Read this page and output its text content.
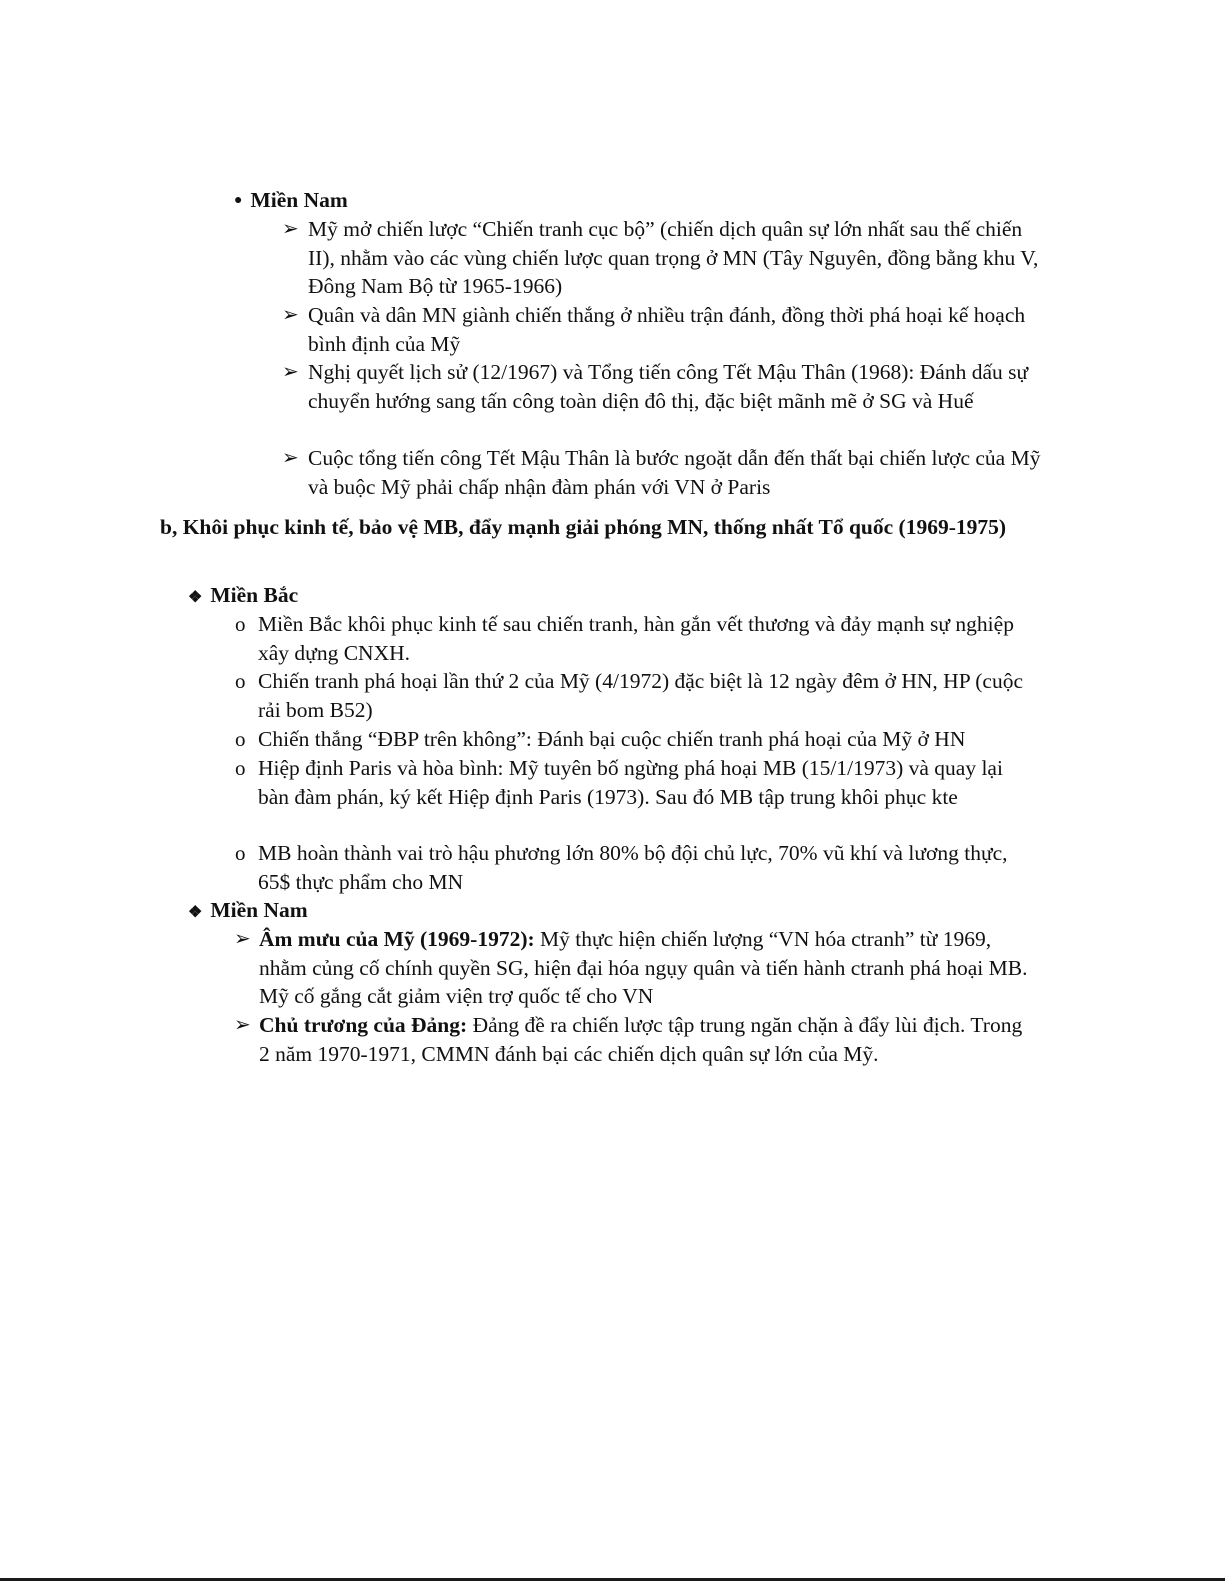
● Miền Nam
➢ Mỹ mở chiến lược “Chiến tranh cục bộ” (chiến dịch quân sự lớn nhất sau thế chiến II), nhằm vào các vùng chiến lược quan trọng ở MN (Tây Nguyên, đồng bằng khu V, Đông Nam Bộ từ 1965-1966)
➢ Quân và dân MN giành chiến thắng ở nhiều trận đánh, đồng thời phá hoại kế hoạch bình định của Mỹ
➢ Nghị quyết lịch sử (12/1967) và Tổng tiến công Tết Mậu Thân (1968): Đánh dấu sự chuyển hướng sang tấn công toàn diện đô thị, đặc biệt mãnh mẽ ở SG và Huế
➢ Cuộc tổng tiến công Tết Mậu Thân là bước ngoặt dẫn đến thất bại chiến lược của Mỹ và buộc Mỹ phải chấp nhận đàm phán với VN ở Paris
b, Khôi phục kinh tế, bảo vệ MB, đẩy mạnh giải phóng MN, thống nhất Tổ quốc (1969-1975)
❖ Miền Bắc
o Miền Bắc khôi phục kinh tế sau chiến tranh, hàn gắn vết thương và đảy mạnh sự nghiệp xây dựng CNXH.
o Chiến tranh phá hoại lần thứ 2 của Mỹ (4/1972) đặc biệt là 12 ngày đêm ở HN, HP (cuộc rải bom B52)
o Chiến thắng “ĐBP trên không”: Đánh bại cuộc chiến tranh phá hoại của Mỹ ở HN
o Hiệp định Paris và hòa bình: Mỹ tuyên bố ngừng phá hoại MB (15/1/1973) và quay lại bàn đàm phán, ký kết Hiệp định Paris (1973). Sau đó MB tập trung khôi phục kte
o MB hoàn thành vai trò hậu phương lớn 80% bộ đội chủ lực, 70% vũ khí và lương thực, 65$ thực phẩm cho MN
❖ Miền Nam
➢ Âm mưu của Mỹ (1969-1972): Mỹ thực hiện chiến lượng “VN hóa ctranh” từ 1969, nhằm củng cố chính quyền SG, hiện đại hóa ngụy quân và tiến hành ctranh phá hoại MB. Mỹ cố gắng cắt giảm viện trợ quốc tế cho VN
➢ Chủ trương của Đảng: Đảng đề ra chiến lược tập trung ngăn chặn à đẩy lùi địch. Trong 2 năm 1970-1971, CMMN đánh bại các chiến dịch quân sự lớn của Mỹ.
